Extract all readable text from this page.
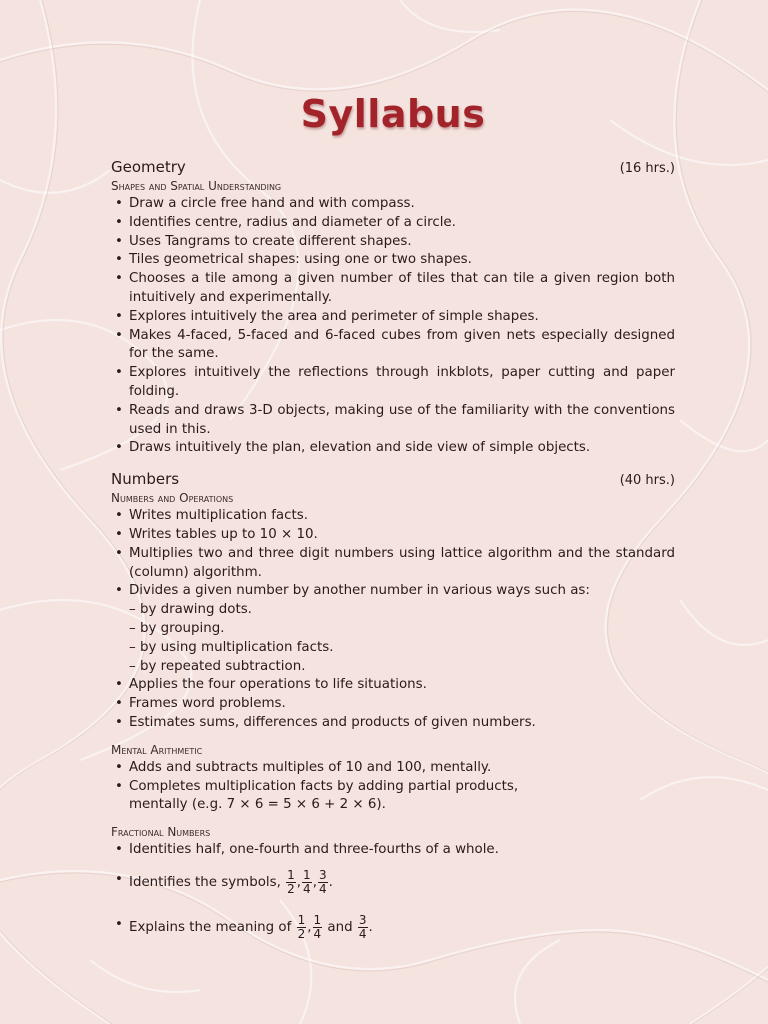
Syllabus
Geometry	(16 hrs.)
Shapes and Spatial Understanding
• Draw a circle free hand and with compass.
• Identifies centre, radius and diameter of a circle.
• Uses Tangrams to create different shapes.
• Tiles geometrical shapes: using one or two shapes.
• Chooses a tile among a given number of tiles that can tile a given region both intuitively and experimentally.
• Explores intuitively the area and perimeter of simple shapes.
• Makes 4-faced, 5-faced and 6-faced cubes from given nets especially designed for the same.
• Explores intuitively the reflections through inkblots, paper cutting and paper folding.
• Reads and draws 3-D objects, making use of the familiarity with the conventions used in this.
• Draws intuitively the plan, elevation and side view of simple objects.
Numbers	(40 hrs.)
Numbers and Operations
• Writes multiplication facts.
• Writes tables up to 10 × 10.
• Multiplies two and three digit numbers using lattice algorithm and the standard (column) algorithm.
• Divides a given number by another number in various ways such as:
– by drawing dots.
– by grouping.
– by using multiplication facts.
– by repeated subtraction.
• Applies the four operations to life situations.
• Frames word problems.
• Estimates sums, differences and products of given numbers.
Mental Arithmetic
• Adds and subtracts multiples of 10 and 100, mentally.
• Completes multiplication facts by adding partial products, mentally (e.g. 7 × 6 = 5 × 6 + 2 × 6).
Fractional Numbers
• Identities half, one-fourth and three-fourths of a whole.
• Identifies the symbols,
$\frac{1}{2}$ , $\frac{1}{4}$ , $\frac{3}{4}$ .
• Explains the meaning of
$\frac{1}{2}$ , $\frac{1}{4}$
and
$\frac{3}{4}$ .
